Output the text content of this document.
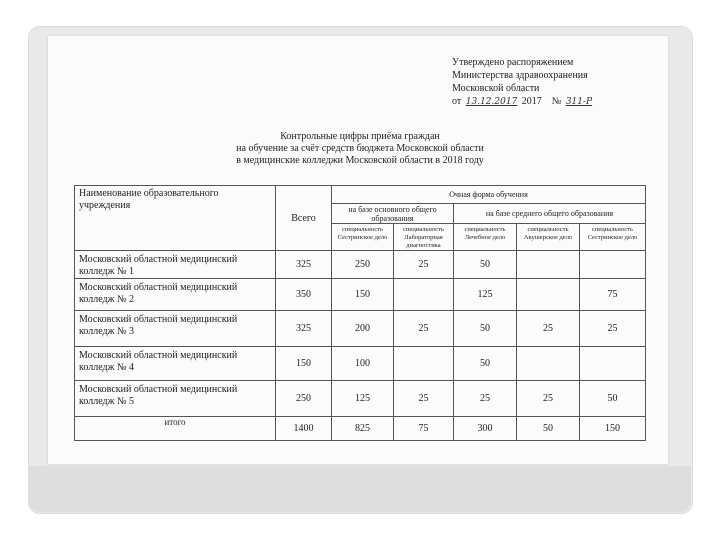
Утверждено распоряжением
Министерства здравоохранения
Московской области
от 13.12.2017 2017 № 311-Р
Контрольные цифры приёма граждан
на обучение за счёт средств бюджета Московской области
в медицинские колледжи Московской области в 2018 году
Наименование образовательного учреждения	Всего	Очная форма обучения				
		на базе основного общего образования		на базе среднего общего образования		
		специальность Сестринское дело	специальность Лабораторная диагностика	специальность Лечебное дело	специальность Акушерское дело	специальность Сестринское дело
Московский областной медицинский колледж № 1	325	250	25	50		
Московский областной медицинский колледж № 2	350	150		125		75
Московский областной медицинский колледж № 3	325	200	25	50	25	25
Московский областной медицинский колледж № 4	150	100		50		
Московский областной медицинский колледж № 5	250	125	25	25	25	50
итого	1400	825	75	300	50	150
